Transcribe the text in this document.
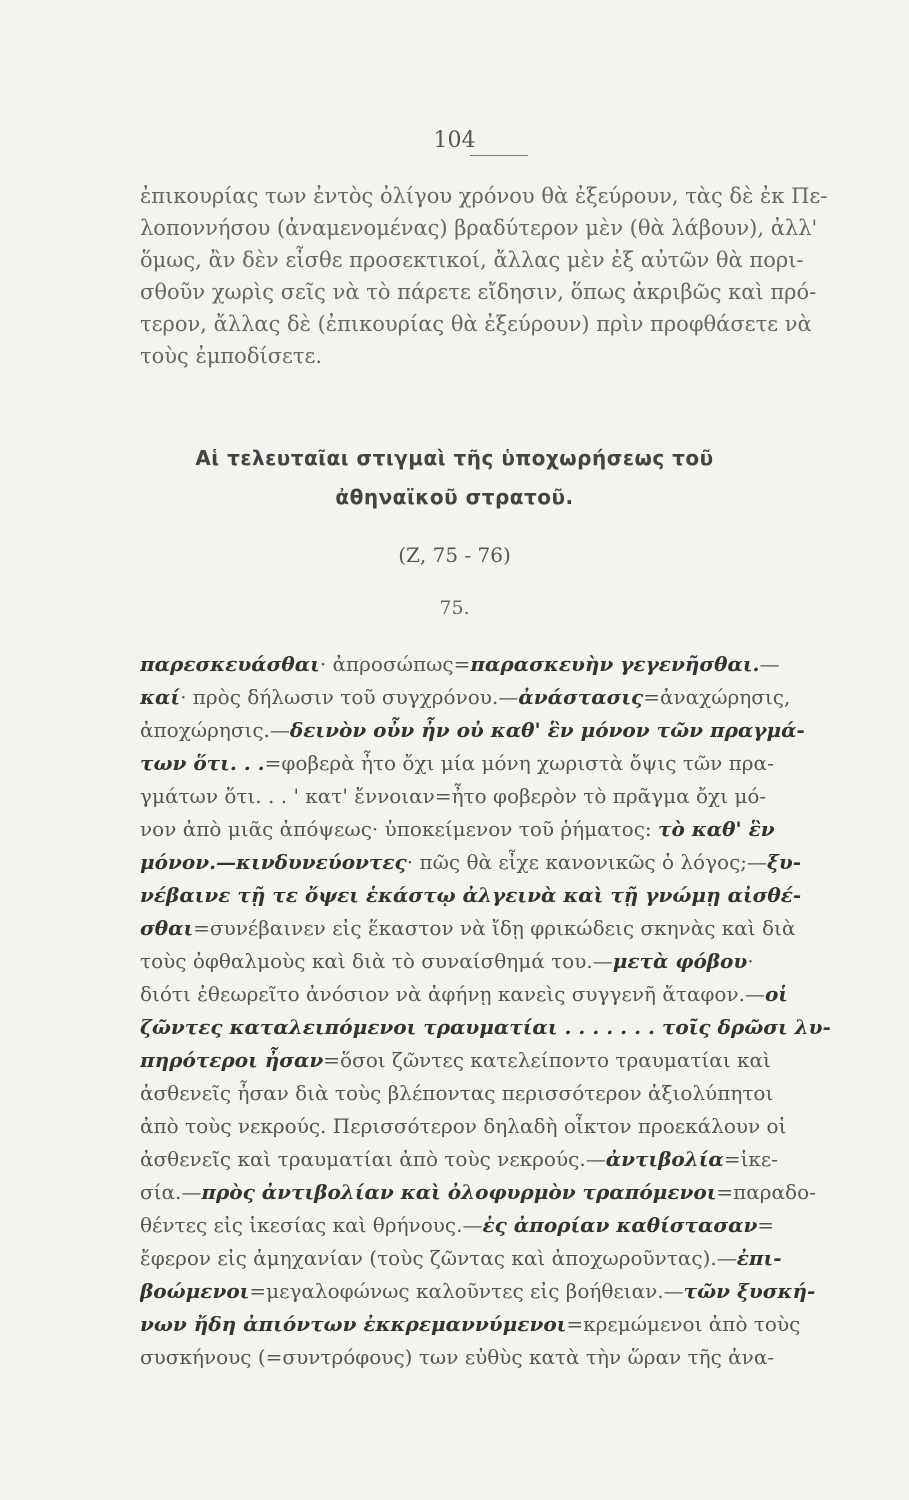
104
ἐπικουρίας των ἐντὸς ὀλίγου χρόνου θὰ ἐξεύρουν, τὰς δὲ ἐκ Πε-
λοποννήσου (ἀναμενομένας) βραδύτερον μὲν (θὰ λάβουν), ἀλλ'
ὅμως, ἂν δὲν εἶσθε προσεκτικοί, ἄλλας μὲν ἐξ αὐτῶν θὰ πορι-
σθοῦν χωρὶς σεῖς νὰ τὸ πάρετε εἴδησιν, ὅπως ἀκριβῶς καὶ πρό-
τερον, ἄλλας δὲ (ἐπικουρίας θὰ ἐξεύρουν) πρὶν προφθάσετε νὰ
τοὺς ἐμποδίσετε.
Αἱ τελευταῖαι στιγμαὶ τῆς ὑποχωρήσεως τοῦ
ἀθηναϊκοῦ στρατοῦ.
(Ζ, 75 - 76)
75.
παρεσκευάσθαι· ἀπροσώπως=παρασκευὴν γεγενῆσθαι.—
καί· πρὸς δήλωσιν τοῦ συγχρόνου.—ἀνάστασις=ἀναχώρησις,
ἀποχώρησις.—δεινὸν οὖν ἦν οὐ καθ' ἓν μόνον τῶν πραγμά-
των ὅτι. . .=φοβερὰ ἦτο ὄχι μία μόνη χωριστὰ ὄψις τῶν πρα-
γμάτων ὅτι. . . ' κατ' ἔννοιαν=ἦτο φοβερὸν τὸ πρᾶγμα ὄχι μό-
νον ἀπὸ μιᾶς ἀπόψεως· ὑποκείμενον τοῦ ῥήματος: τὸ καθ' ἓν
μόνον.—κινδυνεύοντες· πῶς θὰ εἶχε κανονικῶς ὁ λόγος;—ξυ-
νέβαινε τῇ τε ὄψει ἑκάστῳ ἀλγεινὰ καὶ τῇ γνώμῃ αἰσθέ-
σθαι=συνέβαινεν εἰς ἕκαστον νὰ ἴδῃ φρικώδεις σκηνὰς καὶ διὰ
τοὺς ὀφθαλμοὺς καὶ διὰ τὸ συναίσθημά του.—μετὰ φόβου·
διότι ἐθεωρεῖτο ἀνόσιον νὰ ἀφήνῃ κανεὶς συγγενῆ ἄταφον.—οἱ
ζῶντες καταλειπόμενοι τραυματίαι . . . . . . . τοῖς δρῶσι λυ-
πηρότεροι ἦσαν=ὅσοι ζῶντες κατελείποντο τραυματίαι καὶ
ἀσθενεῖς ἦσαν διὰ τοὺς βλέποντας περισσότερον ἀξιολύπητοι
ἀπὸ τοὺς νεκρούς. Περισσότερον δηλαδὴ οἶκτον προεκάλουν οἱ
ἀσθενεῖς καὶ τραυματίαι ἀπὸ τοὺς νεκρούς.—ἀντιβολία=ἱκε-
σία.—πρὸς ἀντιβολίαν καὶ ὀλοφυρμὸν τραπόμενοι=παραδο-
θέντες εἰς ἱκεσίας καὶ θρήνους.—ἐς ἀπορίαν καθίστασαν=
ἔφερον εἰς ἀμηχανίαν (τοὺς ζῶντας καὶ ἀποχωροῦντας).—ἐπι-
βοώμενοι=μεγαλοφώνως καλοῦντες εἰς βοήθειαν.—τῶν ξυσκή-
νων ἤδη ἀπιόντων ἐκκρεμαννύμενοι=κρεμώμενοι ἀπὸ τοὺς
συσκήνους (=συντρόφους) των εὐθὺς κατὰ τὴν ὥραν τῆς ἀνα-
